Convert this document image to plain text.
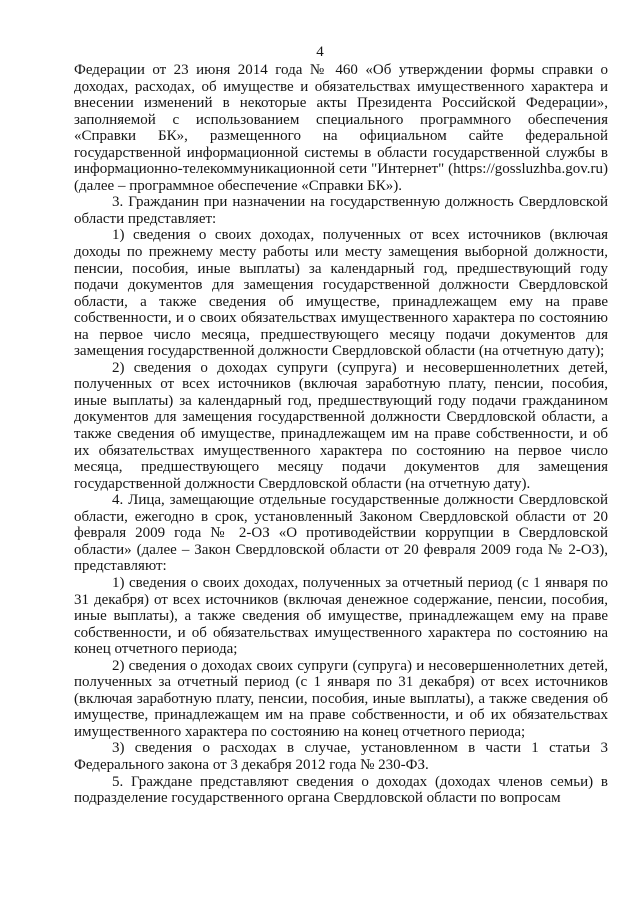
4

Федерации от 23 июня 2014 года № 460 «Об утверждении формы справки о доходах, расходах, об имуществе и обязательствах имущественного характера и внесении изменений в некоторые акты Президента Российской Федерации», заполняемой с использованием специального программного обеспечения «Справки БК», размещенного на официальном сайте федеральной государственной информационной системы в области государственной службы в информационно-телекоммуникационной сети "Интернет" (https://gossluzhba.gov.ru) (далее – программное обеспечение «Справки БК»).

3. Гражданин при назначении на государственную должность Свердловской области представляет:

1) сведения о своих доходах, полученных от всех источников (включая доходы по прежнему месту работы или месту замещения выборной должности, пенсии, пособия, иные выплаты) за календарный год, предшествующий году подачи документов для замещения государственной должности Свердловской области, а также сведения об имуществе, принадлежащем ему на праве собственности, и о своих обязательствах имущественного характера по состоянию на первое число месяца, предшествующего месяцу подачи документов для замещения государственной должности Свердловской области (на отчетную дату);

2) сведения о доходах супруги (супруга) и несовершеннолетних детей, полученных от всех источников (включая заработную плату, пенсии, пособия, иные выплаты) за календарный год, предшествующий году подачи гражданином документов для замещения государственной должности Свердловской области, а также сведения об имуществе, принадлежащем им на праве собственности, и об их обязательствах имущественного характера по состоянию на первое число месяца, предшествующего месяцу подачи документов для замещения государственной должности Свердловской области (на отчетную дату).

4. Лица, замещающие отдельные государственные должности Свердловской области, ежегодно в срок, установленный Законом Свердловской области от 20 февраля 2009 года № 2-ОЗ «О противодействии коррупции в Свердловской области» (далее – Закон Свердловской области от 20 февраля 2009 года № 2-ОЗ), представляют:

1) сведения о своих доходах, полученных за отчетный период (с 1 января по 31 декабря) от всех источников (включая денежное содержание, пенсии, пособия, иные выплаты), а также сведения об имуществе, принадлежащем ему на праве собственности, и об обязательствах имущественного характера по состоянию на конец отчетного периода;

2) сведения о доходах своих супруги (супруга) и несовершеннолетних детей, полученных за отчетный период (с 1 января по 31 декабря) от всех источников (включая заработную плату, пенсии, пособия, иные выплаты), а также сведения об имуществе, принадлежащем им на праве собственности, и об их обязательствах имущественного характера по состоянию на конец отчетного периода;

3) сведения о расходах в случае, установленном в части 1 статьи 3 Федерального закона от 3 декабря 2012 года № 230-ФЗ.

5. Граждане представляют сведения о доходах (доходах членов семьи) в подразделение государственного органа Свердловской области по вопросам
